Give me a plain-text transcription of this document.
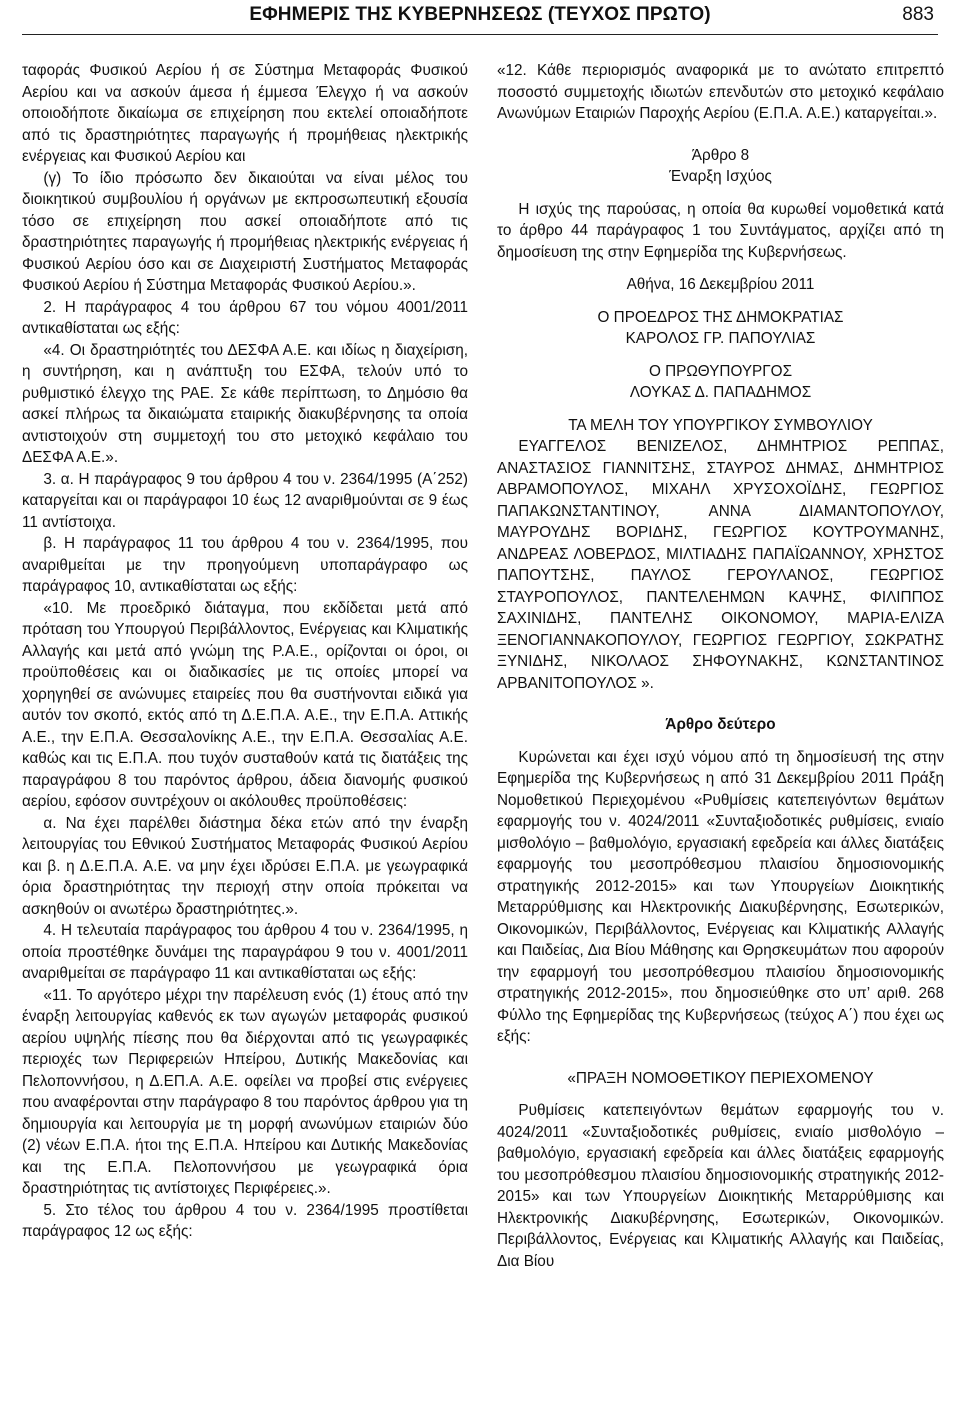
ΕΦΗΜΕΡΙΣ ΤΗΣ ΚΥΒΕΡΝΗΣΕΩΣ (ΤΕΥΧΟΣ ΠΡΩΤΟ)	883

ταφοράς Φυσικού Αερίου ή σε Σύστημα Μεταφοράς Φυσικού Αερίου και να ασκούν άμεσα ή έμμεσα Έλεγχο ή να ασκούν οποιοδήποτε δικαίωμα σε επιχείρηση που εκτελεί οποιαδήποτε από τις δραστηριότητες παραγωγής ή προμήθειας ηλεκτρικής ενέργειας και Φυσικού Αερίου και

(γ) Το ίδιο πρόσωπο δεν δικαιούται να είναι μέλος του διοικητικού συμβουλίου ή οργάνων με εκπροσωπευτική εξουσία τόσο σε επιχείρηση που ασκεί οποιαδήποτε από τις δραστηριότητες παραγωγής ή προμήθειας ηλεκτρικής ενέργειας ή Φυσικού Αερίου όσο και σε Διαχειριστή Συστήματος Μεταφοράς Φυσικού Αερίου ή Σύστημα Μεταφοράς Φυσικού Αερίου.».

2. Η παράγραφος 4 του άρθρου 67 του νόμου 4001/2011 αντικαθίσταται ως εξής:

«4. Οι δραστηριότητές του ΔΕΣΦΑ Α.Ε. και ιδίως η διαχείριση, η συντήρηση, και η ανάπτυξη του ΕΣΦΑ, τελούν υπό το ρυθμιστικό έλεγχο της ΡΑΕ. Σε κάθε περίπτωση, το Δημόσιο θα ασκεί πλήρως τα δικαιώματα εταιρικής διακυβέρνησης τα οποία αντιστοιχούν στη συμμετοχή του στο μετοχικό κεφάλαιο του ΔΕΣΦΑ Α.Ε.».

3. α. Η παράγραφος 9 του άρθρου 4 του ν. 2364/1995 (Α΄252) καταργείται και οι παράγραφοι 10 έως 12 αναριθμούνται σε 9 έως 11 αντίστοιχα.

β. Η παράγραφος 11 του άρθρου 4 του ν. 2364/1995, που αναριθμείται με την προηγούμενη υποπαράγραφο ως παράγραφος 10, αντικαθίσταται ως εξής:

«10. Με προεδρικό διάταγμα, που εκδίδεται μετά από πρόταση του Υπουργού Περιβάλλοντος, Ενέργειας και Κλιματικής Αλλαγής και μετά από γνώμη της Ρ.Α.Ε., ορίζονται οι όροι, οι προϋποθέσεις και οι διαδικασίες με τις οποίες μπορεί να χορηγηθεί σε ανώνυμες εταιρείες που θα συστήνονται ειδικά για αυτόν τον σκοπό, εκτός από τη Δ.Ε.Π.Α. Α.Ε., την Ε.Π.Α. Αττικής Α.Ε., την Ε.Π.Α. Θεσσαλονίκης Α.Ε., την Ε.Π.Α. Θεσσαλίας Α.Ε. καθώς και τις Ε.Π.Α. που τυχόν συσταθούν κατά τις διατάξεις της παραγράφου 8 του παρόντος άρθρου, άδεια διανομής φυσικού αερίου, εφόσον συντρέχουν οι ακόλουθες προϋποθέσεις:

α. Να έχει παρέλθει διάστημα δέκα ετών από την έναρξη λειτουργίας του Εθνικού Συστήματος Μεταφοράς Φυσικού Αερίου και β. η Δ.Ε.Π.Α. Α.Ε. να μην έχει ιδρύσει Ε.Π.Α. με γεωγραφικά όρια δραστηριότητας την περιοχή στην οποία πρόκειται να ασκηθούν οι ανωτέρω δραστηριότητες.».

4. Η τελευταία παράγραφος του άρθρου 4 του ν. 2364/1995, η οποία προστέθηκε δυνάμει της παραγράφου 9 του ν. 4001/2011 αναριθμείται σε παράγραφο 11 και αντικαθίσταται ως εξής:

«11. Το αργότερο μέχρι την παρέλευση ενός (1) έτους από την έναρξη λειτουργίας καθενός εκ των αγωγών μεταφοράς φυσικού αερίου υψηλής πίεσης που θα διέρχονται από τις γεωγραφικές περιοχές των Περιφερειών Ηπείρου, Δυτικής Μακεδονίας και Πελοποννήσου, η Δ.ΕΠ.Α. Α.Ε. οφείλει να προβεί στις ενέργειες που αναφέρονται στην παράγραφο 8 του παρόντος άρθρου για τη δημιουργία και λειτουργία με τη μορφή ανωνύμων εταιριών δύο (2) νέων Ε.Π.Α. ήτοι της Ε.Π.Α. Ηπείρου και Δυτικής Μακεδονίας και της Ε.Π.Α. Πελοποννήσου με γεωγραφικά όρια δραστηριότητας τις αντίστοιχες Περιφέρειες.».

5. Στο τέλος του άρθρου 4 του ν. 2364/1995 προστίθεται παράγραφος 12 ως εξής:

«12. Κάθε περιορισμός αναφορικά με το ανώτατο επιτρεπτό ποσοστό συμμετοχής ιδιωτών επενδυτών στο μετοχικό κεφάλαιο Ανωνύμων Εταιριών Παροχής Αερίου (Ε.Π.Α. Α.Ε.) καταργείται.».

Άρθρο 8

Έναρξη Ισχύος

Η ισχύς της παρούσας, η οποία θα κυρωθεί νομοθετικά κατά το άρθρο 44 παράγραφος 1 του Συντάγματος, αρχίζει από τη δημοσίευση της στην Εφημερίδα της Κυβερνήσεως.

Αθήνα, 16 Δεκεμβρίου 2011

Ο ΠΡΟΕΔΡΟΣ ΤΗΣ ΔΗΜΟΚΡΑΤΙΑΣ

ΚΑΡΟΛΟΣ ΓΡ. ΠΑΠΟΥΛΙΑΣ

Ο ΠΡΩΘΥΠΟΥΡΓΟΣ

ΛΟΥΚΑΣ Δ. ΠΑΠΑΔΗΜΟΣ

ΤΑ ΜΕΛΗ ΤΟΥ ΥΠΟΥΡΓΙΚΟΥ ΣΥΜΒΟΥΛΙΟΥ

ΕΥΑΓΓΕΛΟΣ ΒΕΝΙΖΕΛΟΣ, ΔΗΜΗΤΡΙΟΣ ΡΕΠΠΑΣ, ΑΝΑΣΤΑΣΙΟΣ ΓΙΑΝΝΙΤΣΗΣ, ΣΤΑΥΡΟΣ ΔΗΜΑΣ, ΔΗΜΗΤΡΙΟΣ ΑΒΡΑΜΟΠΟΥΛΟΣ, ΜΙΧΑΗΛ ΧΡΥΣΟΧΟΪΔΗΣ, ΓΕΩΡΓΙΟΣ ΠΑΠΑΚΩΝΣΤΑΝΤΙΝΟΥ, ΑΝΝΑ ΔΙΑΜΑΝΤΟΠΟΥΛΟΥ, ΜΑΥΡΟΥΔΗΣ ΒΟΡΙΔΗΣ, ΓΕΩΡΓΙΟΣ ΚΟΥΤΡΟΥΜΑΝΗΣ, ΑΝΔΡΕΑΣ ΛΟΒΕΡΔΟΣ, ΜΙΛΤΙΑΔΗΣ ΠΑΠΑΪΩΑΝΝΟΥ, ΧΡΗΣΤΟΣ ΠΑΠΟΥΤΣΗΣ, ΠΑΥΛΟΣ ΓΕΡΟΥΛΑΝΟΣ, ΓΕΩΡΓΙΟΣ ΣΤΑΥΡΟΠΟΥΛΟΣ, ΠΑΝΤΕΛΕΗΜΩΝ ΚΑΨΗΣ, ΦΙΛΙΠΠΟΣ ΣΑΧΙΝΙΔΗΣ, ΠΑΝΤΕΛΗΣ ΟΙΚΟΝΟΜΟΥ, ΜΑΡΙΑ-ΕΛΙΖΑ ΞΕΝΟΓΙΑΝΝΑΚΟΠΟΥΛΟΥ, ΓΕΩΡΓΙΟΣ ΓΕΩΡΓΙΟΥ, ΣΩΚΡΑΤΗΣ ΞΥΝΙΔΗΣ, ΝΙΚΟΛΑΟΣ ΣΗΦΟΥΝΑΚΗΣ, ΚΩΝΣΤΑΝΤΙΝΟΣ ΑΡΒΑΝΙΤΟΠΟΥΛΟΣ ».

Άρθρο δεύτερο

Κυρώνεται και έχει ισχύ νόμου από τη δημοσίευσή της στην Εφημερίδα της Κυβερνήσεως η από 31 Δεκεμβρίου 2011 Πράξη Νομοθετικού Περιεχομένου «Ρυθμίσεις κατεπειγόντων θεμάτων εφαρμογής του ν. 4024/2011 «Συνταξιοδοτικές ρυθμίσεις, ενιαίο μισθολόγιο – βαθμολόγιο, εργασιακή εφεδρεία και άλλες διατάξεις εφαρμογής του μεσοπρόθεσμου πλαισίου δημοσιονομικής στρατηγικής 2012-2015» και των Υπουργείων Διοικητικής Μεταρρύθμισης και Ηλεκτρονικής Διακυβέρνησης, Εσωτερικών, Οικονομικών, Περιβάλλοντος, Ενέργειας και Κλιματικής Αλλαγής και Παιδείας, Δια Βίου Μάθησης και Θρησκευμάτων που αφορούν την εφαρμογή του μεσοπρόθεσμου πλαισίου δημοσιονομικής στρατηγικής 2012-2015», που δημοσιεύθηκε στο υπ’ αριθ. 268 Φύλλο της Εφημερίδας της Κυβερνήσεως (τεύχος Α΄) που έχει ως εξής:

«ΠΡΑΞΗ ΝΟΜΟΘΕΤΙΚΟΥ ΠΕΡΙΕΧΟΜΕΝΟΥ

Ρυθμίσεις κατεπειγόντων θεμάτων εφαρμογής του ν. 4024/2011 «Συνταξιοδοτικές ρυθμίσεις, ενιαίο μισθολόγιο – βαθμολόγιο, εργασιακή εφεδρεία και άλλες διατάξεις εφαρμογής του μεσοπρόθεσμου πλαισίου δημοσιονομικής στρατηγικής 2012-2015» και των Υπουργείων Διοικητικής Μεταρρύθμισης και Ηλεκτρονικής Διακυβέρνησης, Εσωτερικών, Οικονομικών. Περιβάλλοντος, Ενέργειας και Κλιματικής Αλλαγής και Παιδείας, Δια Βίου
